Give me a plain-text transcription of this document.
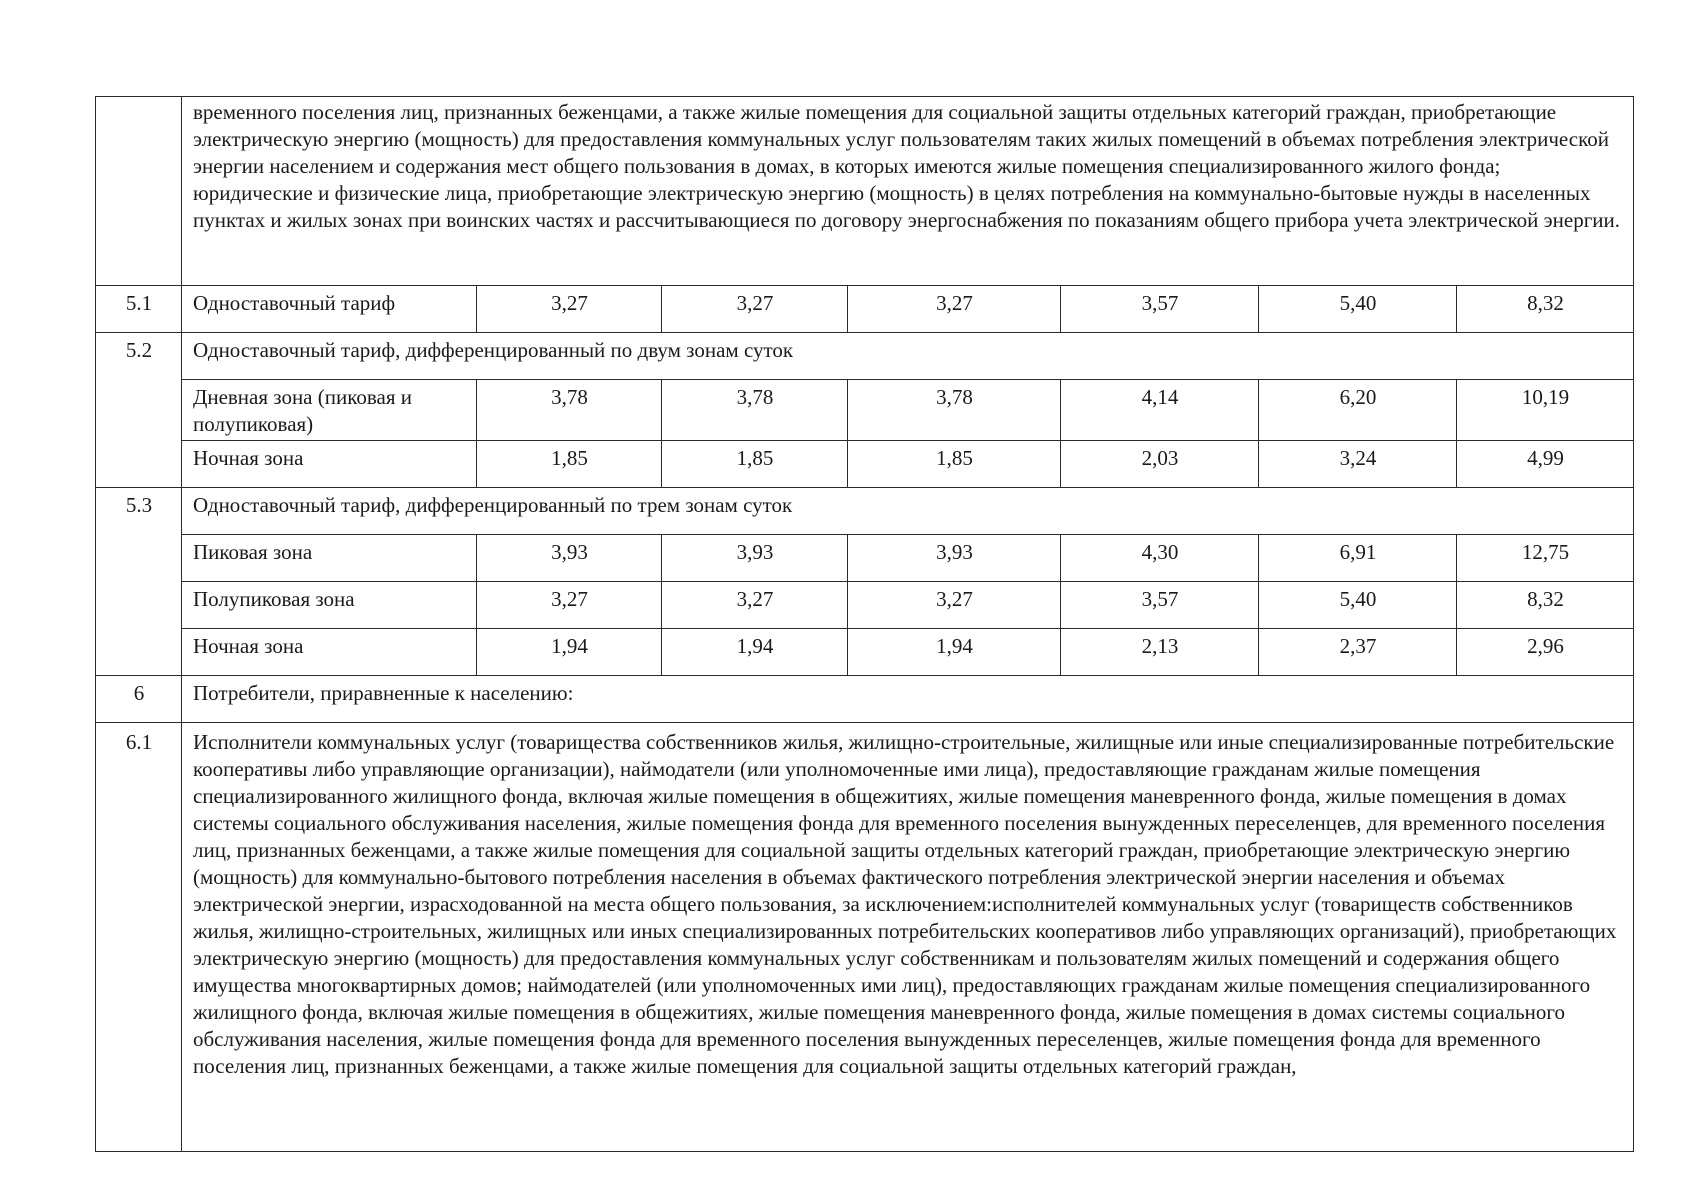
	временного поселения лиц, признанных беженцами, а также жилые помещения для социальной защиты отдельных категорий граждан, приобретающие электрическую энергию (мощность) для предоставления коммунальных услуг пользователям таких жилых помещений в объемах потребления электрической энергии населением и содержания мест общего пользования в домах, в которых имеются жилые помещения специализированного жилого фонда;
юридические и физические лица, приобретающие электрическую энергию (мощность) в целях потребления на коммунально-бытовые нужды в населенных пунктах и жилых зонах при воинских частях и рассчитывающиеся по договору энергоснабжения по показаниям общего прибора учета электрической энергии.						

5.1	Одноставочный тариф	3,27	3,27	3,27	3,57	5,40	8,32
5.2	Одноставочный тариф, дифференцированный по двум зонам суток						
	Дневная зона (пиковая и полупиковая)	3,78	3,78	3,78	4,14	6,20	10,19
	Ночная зона	1,85	1,85	1,85	2,03	3,24	4,99
5.3	Одноставочный тариф, дифференцированный по трем зонам суток						
	Пиковая зона	3,93	3,93	3,93	4,30	6,91	12,75
	Полупиковая зона	3,27	3,27	3,27	3,57	5,40	8,32
	Ночная зона	1,94	1,94	1,94	2,13	2,37	2,96
6	Потребители, приравненные к населению:						
6.1	Исполнители коммунальных услуг (товарищества собственников жилья, жилищно-строительные, жилищные или иные специализированные потребительские кооперативы либо управляющие организации), наймодатели (или уполномоченные ими лица), предоставляющие гражданам жилые помещения специализированного жилищного фонда, включая жилые помещения в общежитиях, жилые помещения маневренного фонда, жилые помещения в домах системы социального обслуживания населения, жилые помещения фонда для временного поселения вынужденных переселенцев, для временного поселения лиц, признанных беженцами, а также жилые помещения для социальной защиты отдельных категорий граждан, приобретающие электрическую энергию (мощность) для коммунально-бытового потребления населения в объемах фактического потребления электрической энергии населения и объемах электрической энергии, израсходованной на места общего пользования, за исключением:исполнителей коммунальных услуг (товариществ собственников жилья, жилищно-строительных, жилищных или иных специализированных потребительских кооперативов либо управляющих организаций), приобретающих электрическую энергию (мощность) для предоставления коммунальных услуг собственникам и пользователям жилых помещений и содержания общего имущества многоквартирных домов; наймодателей (или уполномоченных ими лиц), предоставляющих гражданам жилые помещения специализированного жилищного фонда, включая жилые помещения в общежитиях, жилые помещения маневренного фонда, жилые помещения в домах системы социального обслуживания населения, жилые помещения фонда для временного поселения вынужденных переселенцев, жилые помещения фонда для временного поселения лиц, признанных беженцами, а также жилые помещения для социальной защиты отдельных категорий граждан,						
